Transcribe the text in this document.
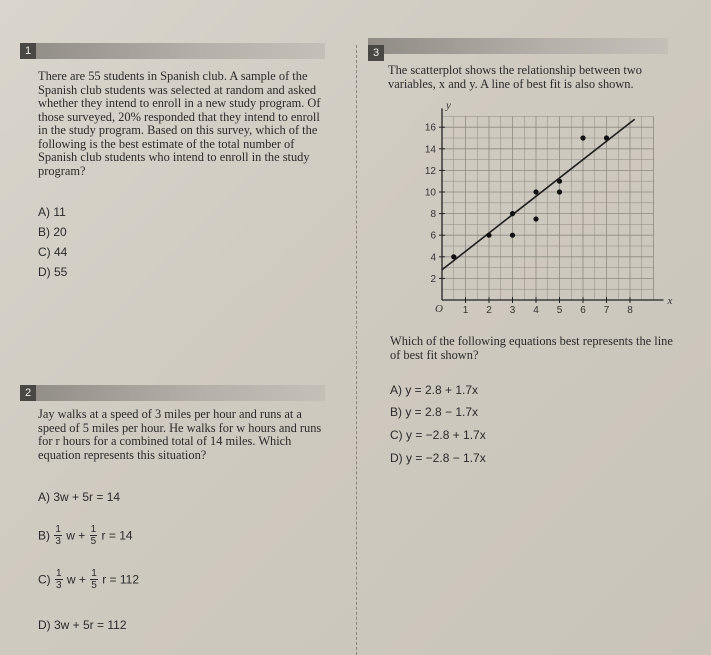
1
There are 55 students in Spanish club. A sample of the Spanish club students was selected at random and asked whether they intend to enroll in a new study program. Of those surveyed, 20% responded that they intend to enroll in the study program. Based on this survey, which of the following is the best estimate of the total number of Spanish club students who intend to enroll in the study program?
A) 11
B) 20
C) 44
D) 55
2
Jay walks at a speed of 3 miles per hour and runs at a speed of 5 miles per hour. He walks for w hours and runs for r hours for a combined total of 14 miles. Which equation represents this situation?
A) 3w + 5r = 14
$B) \frac{1}{3}$ $w + \frac{1}{5}$ r = 14
$C) \frac{1}{3}$ $w + \frac{1}{5}$ r = 112
D) 3w + 5r = 112
3
The scatterplot shows the relationship between two variables, x and y. A line of best fit is also shown.
1 2 3 4 5 6 7 8
2
4
6
8
10
12
14
16
O
x
y
Which of the following equations best represents the line of best fit shown?
A) y = 2.8 + 1.7x
B) y = 2.8 − 1.7x
C) y = −2.8 + 1.7x
D) y = −2.8 − 1.7x
